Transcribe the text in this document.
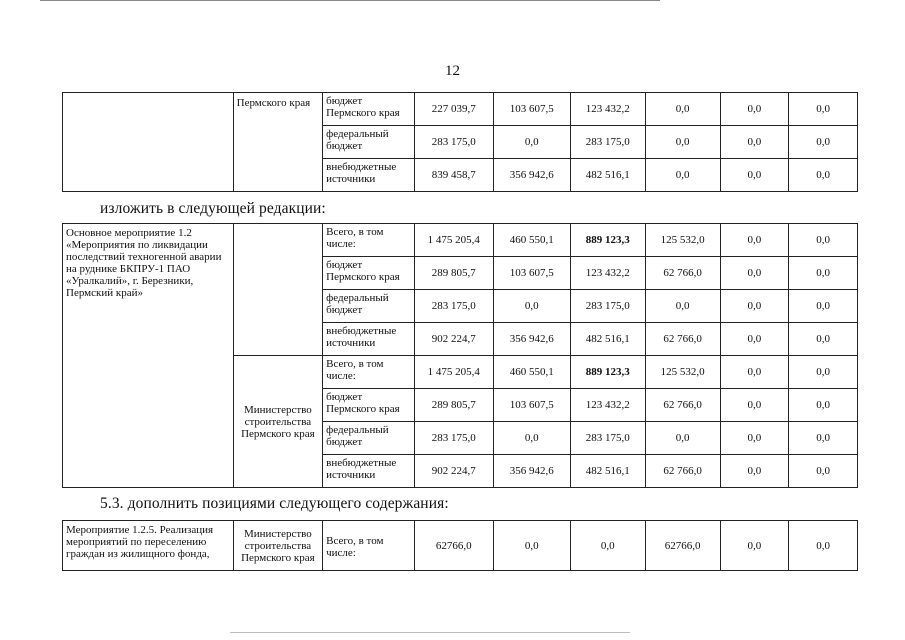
12
	Пермского края	бюджет Пермского края	227 039,7	103 607,5	123 432,2	0,0	0,0	0,0
		федеральный бюджет	283 175,0	0,0	283 175,0	0,0	0,0	0,0
		внебюджетные источники	839 458,7	356 942,6	482 516,1	0,0	0,0	0,0
изложить в следующей редакции:
Основное мероприятие 1.2 «Мероприятия по ликвидации последствий техногенной аварии на руднике БКПРУ-1 ПАО «Уралкалий», г. Березники, Пермский край»		Всего, в том числе:	1 475 205,4	460 550,1	889 123,3	125 532,0	0,0	0,0
		бюджет Пермского края	289 805,7	103 607,5	123 432,2	62 766,0	0,0	0,0
		федеральный бюджет	283 175,0	0,0	283 175,0	0,0	0,0	0,0
		внебюджетные источники	902 224,7	356 942,6	482 516,1	62 766,0	0,0	0,0
	Министерство строительства Пермского края	Всего, в том числе:	1 475 205,4	460 550,1	889 123,3	125 532,0	0,0	0,0
		бюджет Пермского края	289 805,7	103 607,5	123 432,2	62 766,0	0,0	0,0
		федеральный бюджет	283 175,0	0,0	283 175,0	0,0	0,0	0,0
		внебюджетные источники	902 224,7	356 942,6	482 516,1	62 766,0	0,0	0,0
5.3. дополнить позициями следующего содержания:
Мероприятие 1.2.5. Реализация мероприятий по переселению граждан из жилищного фонда,	Министерство строительства Пермского края	Всего, в том числе:	62766,0	0,0	0,0	62766,0	0,0	0,0
